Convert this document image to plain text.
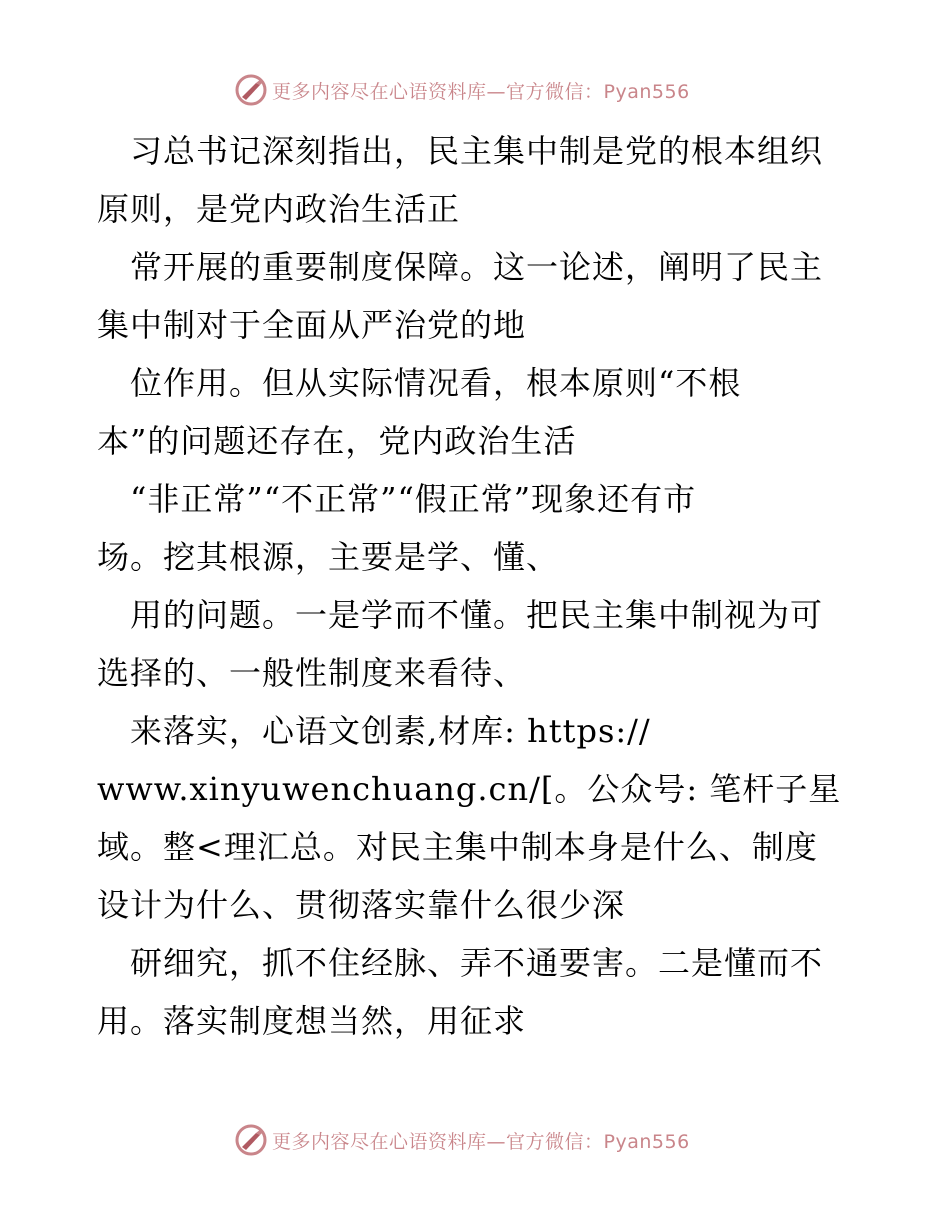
更多内容尽在心语资料库—官方微信：Pyan556
　习总书记深刻指出，民主集中制是党的根本组织
原则，是党内政治生活正
　常开展的重要制度保障。这一论述，阐明了民主
集中制对于全面从严治党的地
　位作用。但从实际情况看，根本原则“不根
本”的问题还存在，党内政治生活
　“非正常”“不正常”“假正常”现象还有市
场。挖其根源，主要是学、懂、
　用的问题。一是学而不懂。把民主集中制视为可
选择的、一般性制度来看待、
　来落实，心语文创素,材库: https://
www.xinyuwenchuang.cn/[。公众号: 笔杆子星
域。整<理汇总。对民主集中制本身是什么、制度
设计为什么、贯彻落实靠什么很少深
　研细究，抓不住经脉、弄不通要害。二是懂而不
用。落实制度想当然，用征求
更多内容尽在心语资料库—官方微信：Pyan556
